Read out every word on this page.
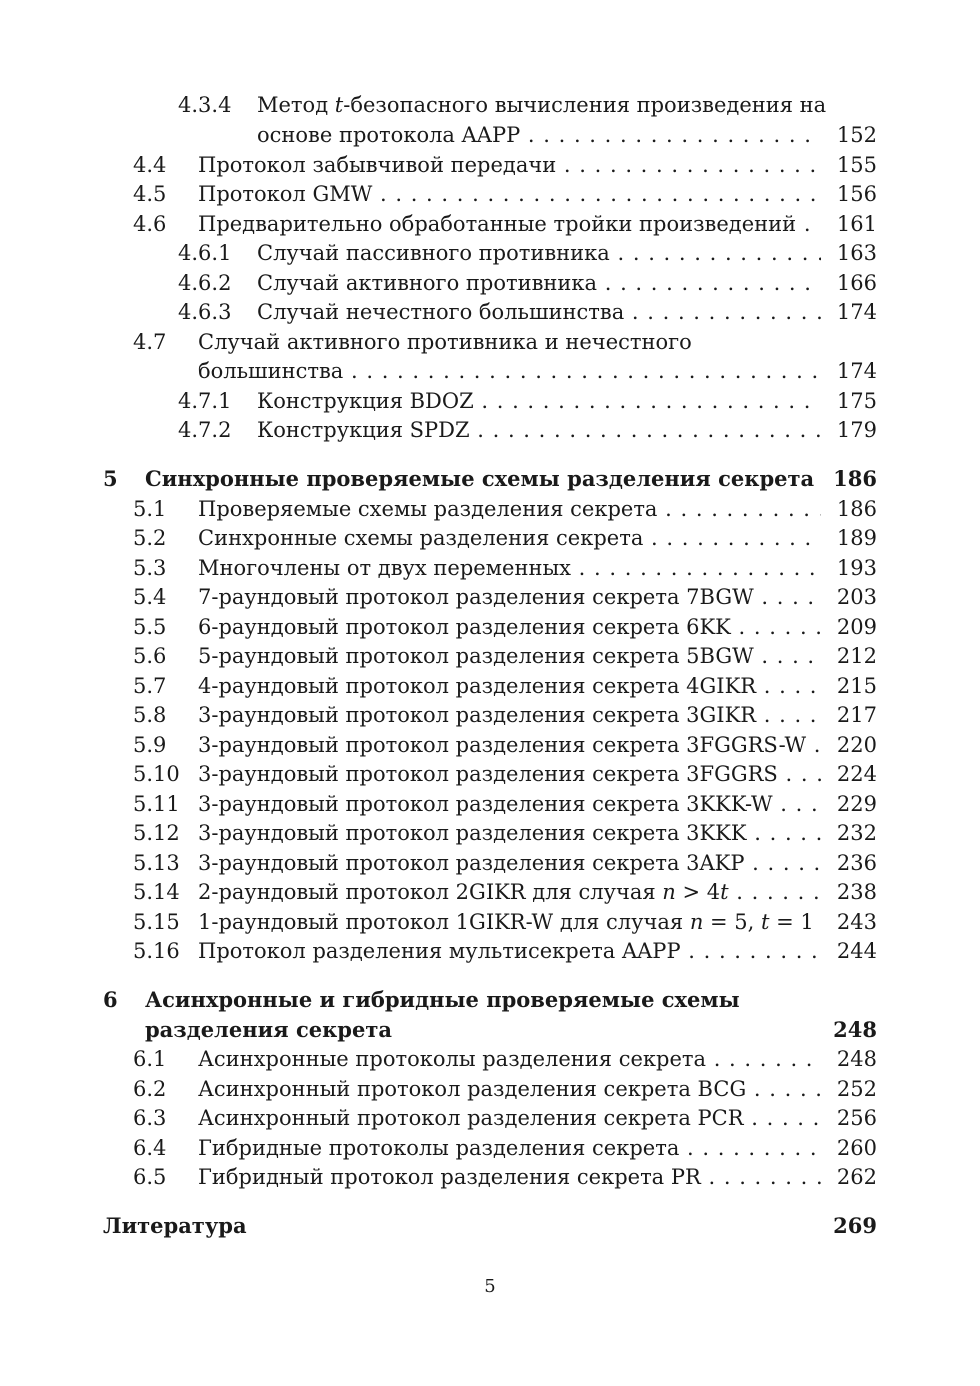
4.3.4 Метод t-безопасного вычисления произведения на
основе протокола AAPP . . .	152
4.4 Протокол забывчивой передачи . . .	155
4.5 Протокол GMW . . .	156
4.6 Предварительно обработанные тройки произведений . . .	161
4.6.1 Случай пассивного противника . . .	163
4.6.2 Случай активного противника . . .	166
4.6.3 Случай нечестного большинства . . .	174
4.7 Случай активного противника и нечестного
большинства . . .	174
4.7.1 Конструкция BDOZ . . .	175
4.7.2 Конструкция SPDZ . . .	179
5 Синхронные проверяемые схемы разделения секрета 186
5.1 Проверяемые схемы разделения секрета . . .	186
5.2 Синхронные схемы разделения секрета . . .	189
5.3 Многочлены от двух переменных . . .	193
5.4 7-раундовый протокол разделения секрета 7BGW . . .	203
5.5 6-раундовый протокол разделения секрета 6KK . . .	209
5.6 5-раундовый протокол разделения секрета 5BGW . . .	212
5.7 4-раундовый протокол разделения секрета 4GIKR . . .	215
5.8 3-раундовый протокол разделения секрета 3GIKR . . .	217
5.9 3-раундовый протокол разделения секрета 3FGGRS-W . . .	220
5.10 3-раундовый протокол разделения секрета 3FGGRS . . .	224
5.11 3-раундовый протокол разделения секрета 3KKK-W . . .	229
5.12 3-раундовый протокол разделения секрета 3KKK . . .	232
5.13 3-раундовый протокол разделения секрета 3AKP . . .	236
5.14 2-раундовый протокол 2GIKR для случая n > 4t . . .	238
5.15 1-раундовый протокол 1GIKR-W для случая n = 5, t = 1	243
5.16 Протокол разделения мультисекрета AAPP . . .	244
6 Асинхронные и гибридные проверяемые схемы
разделения секрета	248
6.1 Асинхронные протоколы разделения секрета . . .	248
6.2 Асинхронный протокол разделения секрета BCG . . .	252
6.3 Асинхронный протокол разделения секрета PCR . . .	256
6.4 Гибридные протоколы разделения секрета . . .	260
6.5 Гибридный протокол разделения секрета PR . . .	262
Литература	269
5
